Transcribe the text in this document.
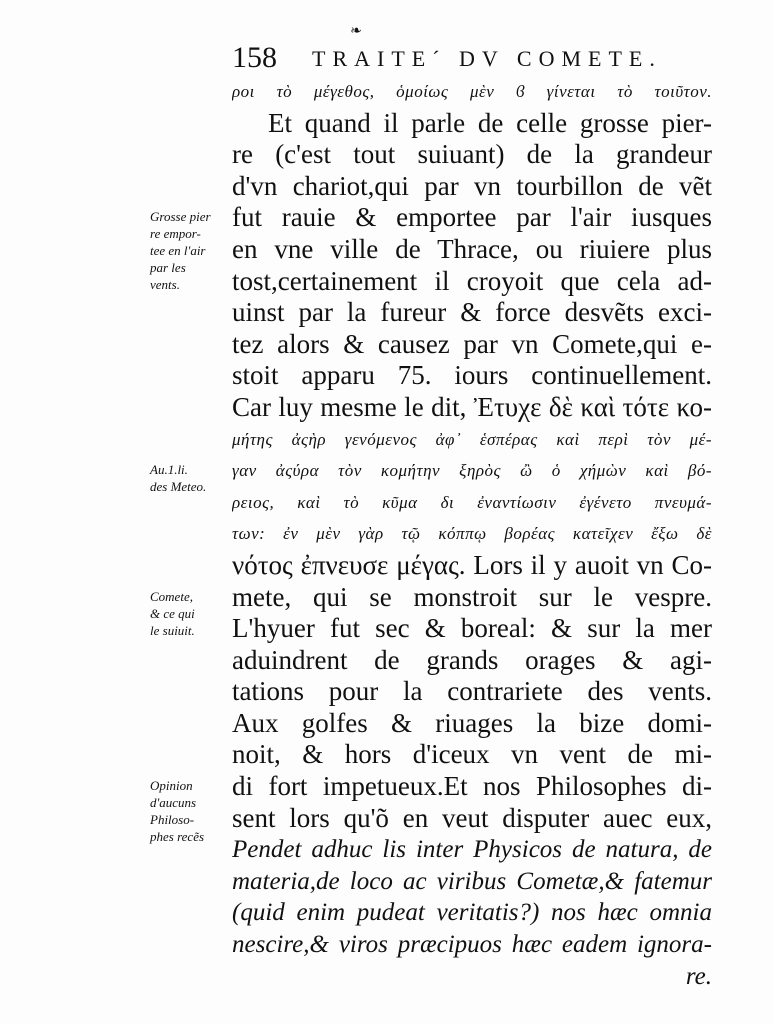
❧
158 TRAITE´ DV COMETE.
ροι τὸ μέγεθος, ὁμοίως μὲν ϐ γίνεται τὸ τοιῦτον.
Et quand il parle de celle grosse pier-
re (c'est tout suiuant) de la grandeur
d'vn chariot,qui par vn tourbillon de vẽt
fut rauie & emportee par l'air iusques
en vne ville de Thrace, ou riuiere plus
tost,certainement il croyoit que cela ad-
uinst par la fureur & force desvẽts exci-
tez alors & causez par vn Comete,qui e-
stoit apparu 75. iours continuellement.
Car luy mesme le dit, Ἐτυχε δὲ καὶ τότε κο-
μήτης ἀςὴρ γενόμενος ἀφ᾽ ἑσπέρας καὶ περὶ τὸν μέ-
γαν ἀςύρα τὸν κομήτην ξηρὸς ὢ ὁ χήμὼν καὶ βό-
ρειος, καὶ τὸ κῦμα δι ἐναντίωσιν ἐγένετο πνευμά-
των: ἐν μὲν γὰρ τῷ κόππῳ βορέας κατεῖχεν ἔξω δὲ
νότος ἐπνευσε μέγας. Lors il y auoit vn Co-
mete, qui se monstroit sur le vespre.
L'hyuer fut sec & boreal: & sur la mer
aduindrent de grands orages & agi-
tations pour la contrariete des vents.
Aux golfes & riuages la bize domi-
noit, & hors d'iceux vn vent de mi-
di fort impetueux.Et nos Philosophes di-
sent lors qu'õ en veut disputer auec eux,
Pendet adhuc lis inter Physicos de natura, de
materia,de loco ac viribus Cometæ,& fatemur
(quid enim pudeat veritatis?) nos hæc omnia
nescire,& viros præcipuos hæc eadem ignora-
re.
Grosse pier
re empor-
tee en l'air
par les
vents.
Au.1.li.
des Meteo.
Comete,
& ce qui
le suiuit.
Opinion
d'aucuns
Philoso-
phes recẽs
